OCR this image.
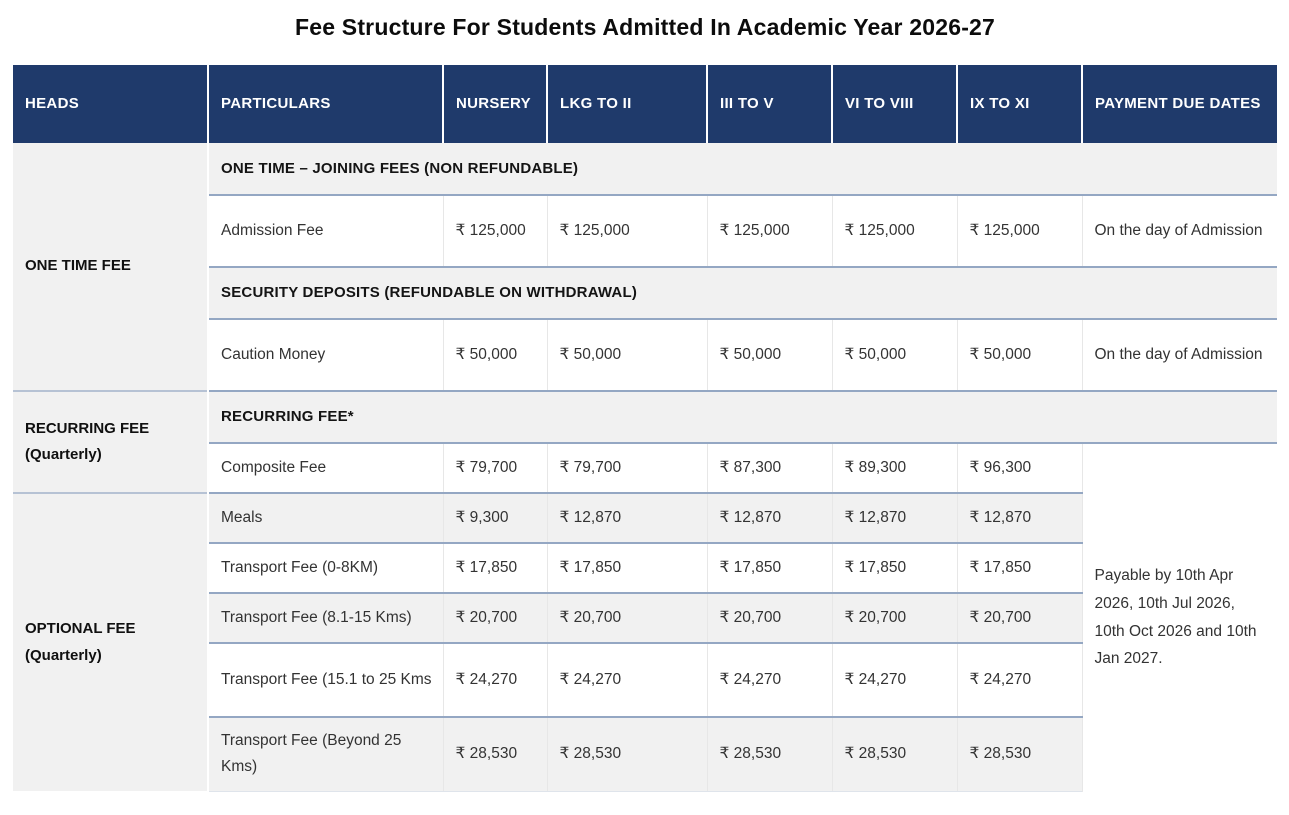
Fee Structure For Students Admitted In Academic Year 2026-27
HEADS	PARTICULARS	NURSERY	LKG TO II	III TO V	VI TO VIII	IX TO XI	PAYMENT DUE DATES
ONE TIME FEE	ONE TIME – JOINING FEES (NON REFUNDABLE)						
	Admission Fee	₹ 125,000	₹ 125,000	₹ 125,000	₹ 125,000	₹ 125,000	On the day of Admission
	SECURITY DEPOSITS (REFUNDABLE ON WITHDRAWAL)						
	Caution Money	₹ 50,000	₹ 50,000	₹ 50,000	₹ 50,000	₹ 50,000	On the day of Admission
RECURRING FEE (Quarterly)	RECURRING FEE*						
	Composite Fee	₹ 79,700	₹ 79,700	₹ 87,300	₹ 89,300	₹ 96,300	Payable by 10th Apr 2026, 10th Jul 2026, 10th Oct 2026 and 10th Jan 2027.
OPTIONAL FEE (Quarterly)	Meals	₹ 9,300	₹ 12,870	₹ 12,870	₹ 12,870	₹ 12,870	
	Transport Fee (0-8KM)	₹ 17,850	₹ 17,850	₹ 17,850	₹ 17,850	₹ 17,850	
	Transport Fee (8.1-15 Kms)	₹ 20,700	₹ 20,700	₹ 20,700	₹ 20,700	₹ 20,700	
	Transport Fee (15.1 to 25 Kms	₹ 24,270	₹ 24,270	₹ 24,270	₹ 24,270	₹ 24,270	
	Transport Fee (Beyond 25 Kms)	₹ 28,530	₹ 28,530	₹ 28,530	₹ 28,530	₹ 28,530	
